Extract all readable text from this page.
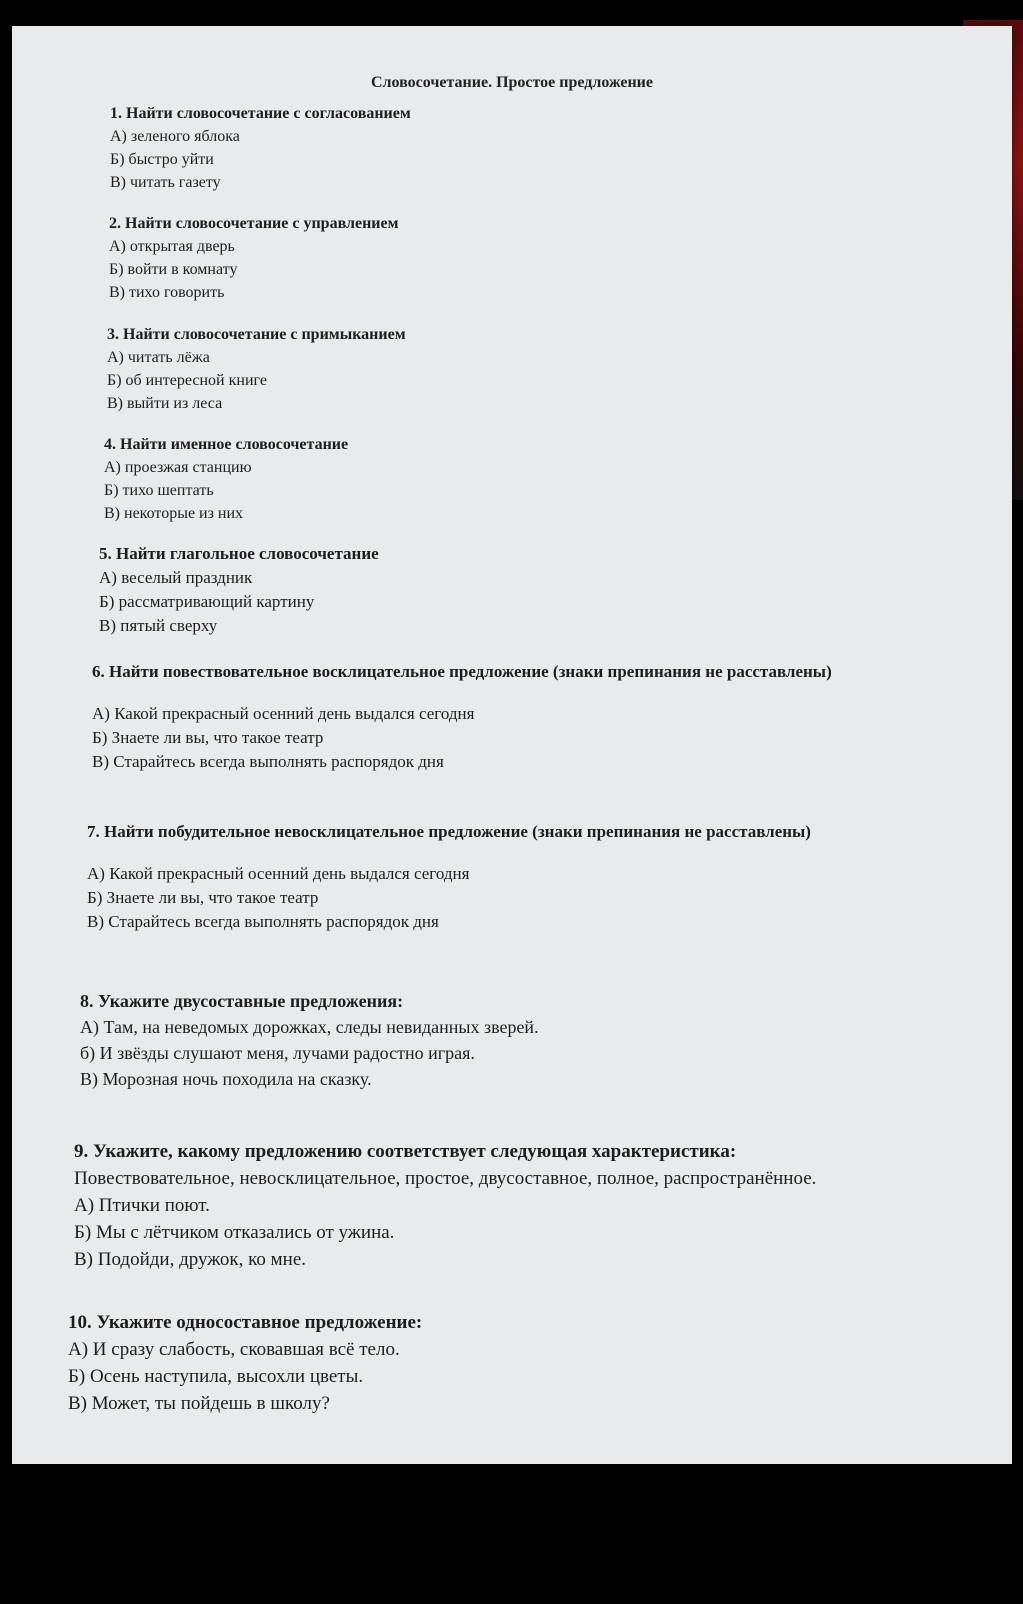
Словосочетание. Простое предложение
1. Найти словосочетание с согласованием
А) зеленого яблока
Б) быстро уйти
В) читать газету
2. Найти словосочетание с управлением
А) открытая дверь
Б) войти в комнату
В) тихо говорить
3. Найти словосочетание с примыканием
А) читать лёжа
Б) об интересной книге
В) выйти из леса
4. Найти именное словосочетание
А) проезжая станцию
Б) тихо шептать
В) некоторые из них
5. Найти глагольное словосочетание
А) веселый праздник
Б) рассматривающий картину
В) пятый сверху
6. Найти повествовательное восклицательное предложение (знаки препинания не расставлены)
А) Какой прекрасный осенний день выдался сегодня
Б) Знаете ли вы, что такое театр
В) Старайтесь всегда выполнять распорядок дня
7. Найти побудительное невосклицательное предложение (знаки препинания не расставлены)
А) Какой прекрасный осенний день выдался сегодня
Б) Знаете ли вы, что такое театр
В) Старайтесь всегда выполнять распорядок дня
8. Укажите двусоставные предложения:
А) Там, на неведомых дорожках, следы невиданных зверей.
б) И звёзды слушают меня, лучами радостно играя.
В) Морозная ночь походила на сказку.
9. Укажите, какому предложению соответствует следующая характеристика:
Повествовательное, невосклицательное, простое, двусоставное, полное, распространённое.
А) Птички поют.
Б) Мы с лётчиком отказались от ужина.
В) Подойди, дружок, ко мне.
10. Укажите односоставное предложение:
А) И сразу слабость, сковавшая всё тело.
Б) Осень наступила, высохли цветы.
В) Может, ты пойдешь в школу?
